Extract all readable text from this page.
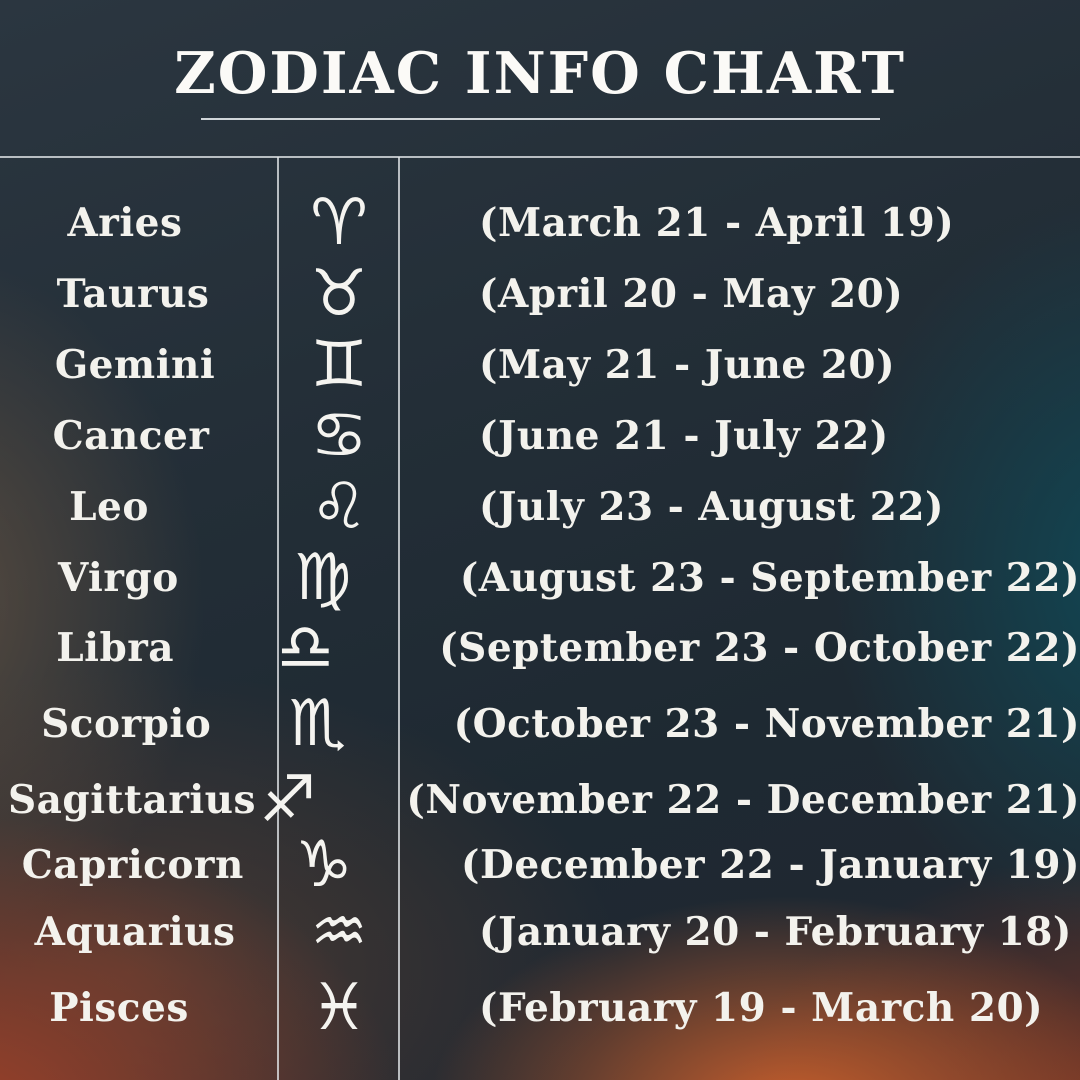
ZODIAC INFO CHART
Aries	♈	(March 21 - April 19)
Taurus	♉	(April 20 - May 20)
Gemini	♊	(May 21 - June 20)
Cancer	♋	(June 21 - July 22)
Leo	♌	(July 23 - August 22)
Virgo	♍	(August 23 - September 22)
Libra	♎	(September 23 - October 22)
Scorpio	♏	(October 23 - November 21)
Sagittarius ♐	(November 22 - December 21)
Capricorn ♑	(December 22 - January 19)
Aquarius	♒	(January 20 - February 18)
Pisces	♓	(February 19 - March 20)
